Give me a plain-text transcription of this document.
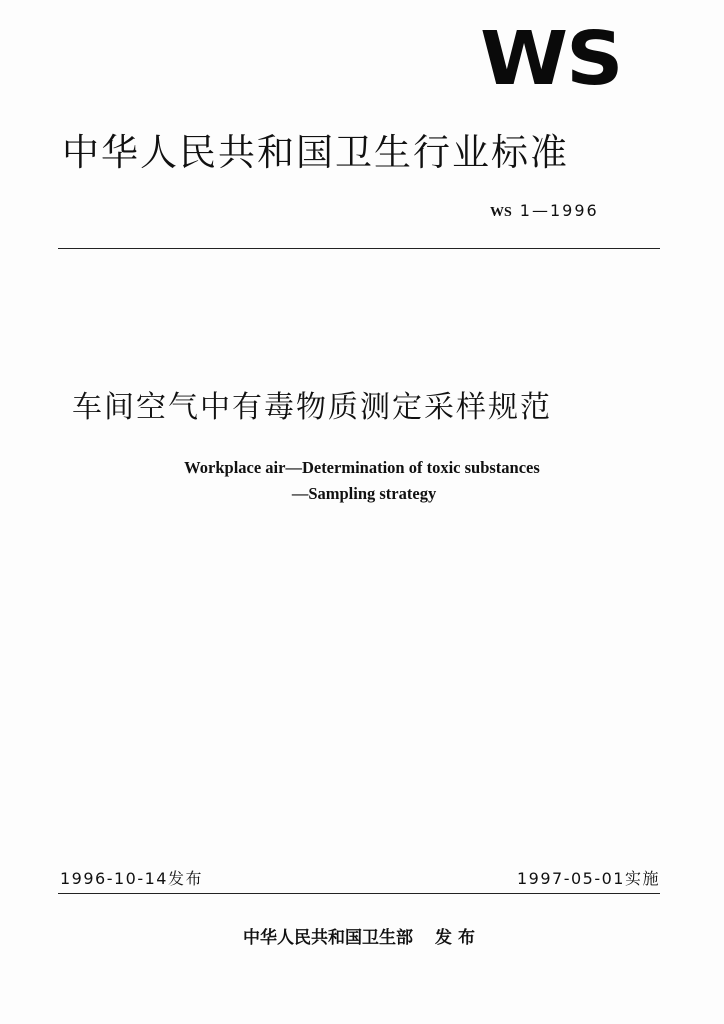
WS
中华人民共和国卫生行业标准
WS 1—1996
车间空气中有毒物质测定采样规范
Workplace air—Determination of toxic substances
—Sampling strategy
1996-10-14发布	1997-05-01实施
中华人民共和国卫生部 发布
